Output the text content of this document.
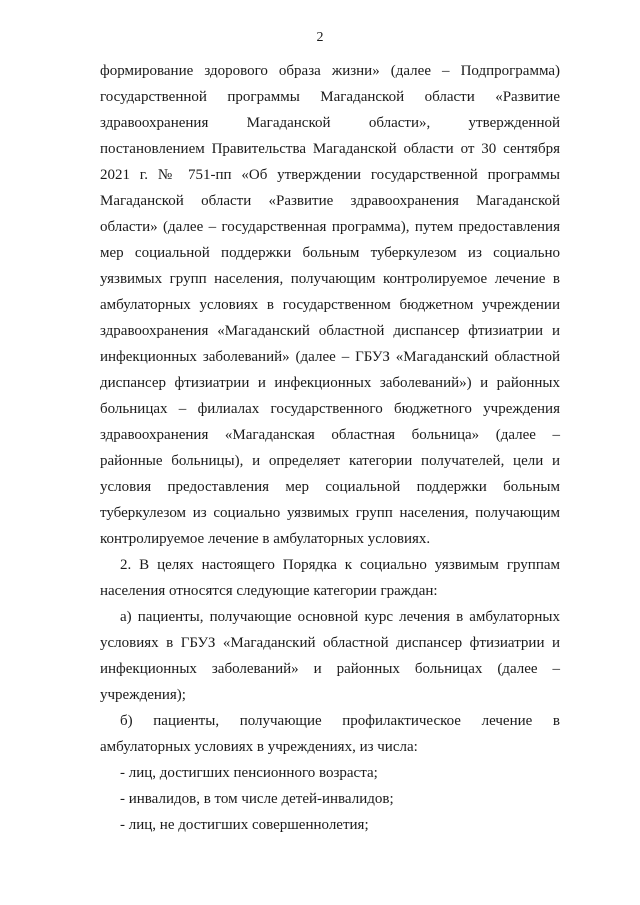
2

формирование здорового образа жизни» (далее – Подпрограмма) государственной программы Магаданской области «Развитие здравоохранения Магаданской области», утвержденной постановлением Правительства Магаданской области от 30 сентября 2021 г. № 751-пп «Об утверждении государственной программы Магаданской области «Развитие здравоохранения Магаданской области» (далее – государственная программа), путем предоставления мер социальной поддержки больным туберкулезом из социально уязвимых групп населения, получающим контролируемое лечение в амбулаторных условиях в государственном бюджетном учреждении здравоохранения «Магаданский областной диспансер фтизиатрии и инфекционных заболеваний» (далее – ГБУЗ «Магаданский областной диспансер фтизиатрии и инфекционных заболеваний») и районных больницах – филиалах государственного бюджетного учреждения здравоохранения «Магаданская областная больница» (далее – районные больницы), и определяет категории получателей, цели и условия предоставления мер социальной поддержки больным туберкулезом из социально уязвимых групп населения, получающим контролируемое лечение в амбулаторных условиях.

2. В целях настоящего Порядка к социально уязвимым группам населения относятся следующие категории граждан:

а) пациенты, получающие основной курс лечения в амбулаторных условиях в ГБУЗ «Магаданский областной диспансер фтизиатрии и инфекционных заболеваний» и районных больницах (далее – учреждения);

б) пациенты, получающие профилактическое лечение в амбулаторных условиях в учреждениях, из числа:

- лиц, достигших пенсионного возраста;

- инвалидов, в том числе детей-инвалидов;

- лиц, не достигших совершеннолетия;
